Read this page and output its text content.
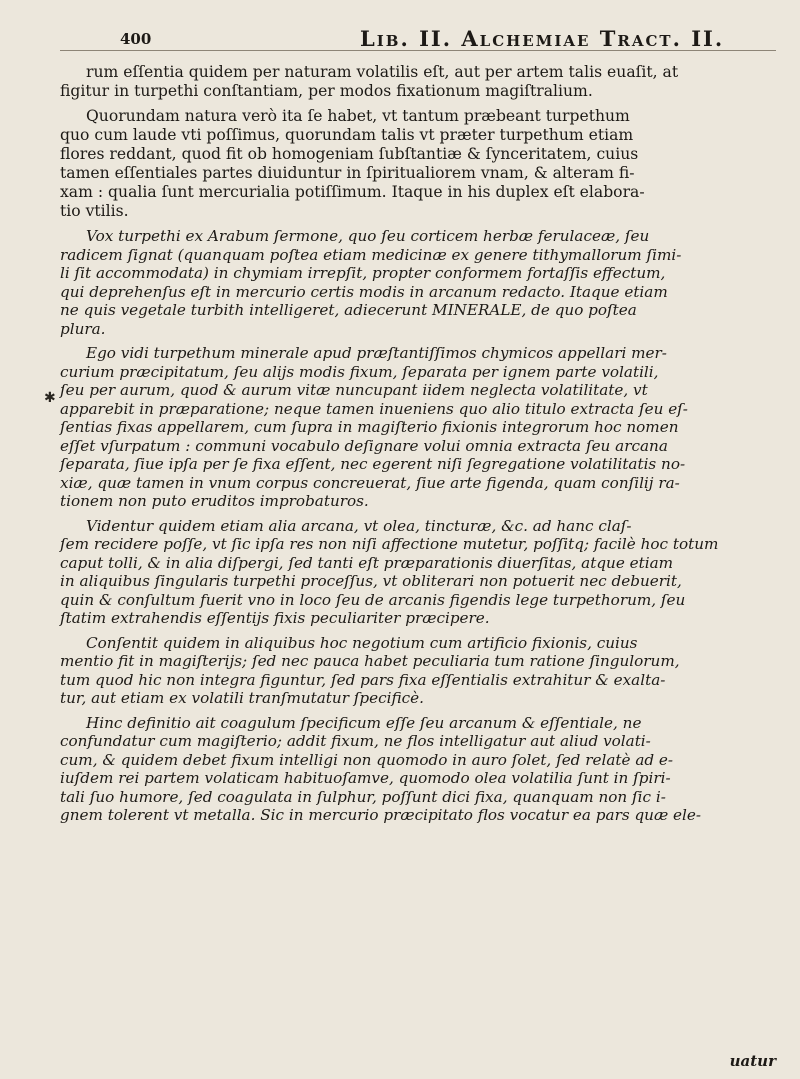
400	Lib. II. Alchemiae Tract. II.

rum eſſentia quidem per naturam volatilis eſt, aut per artem talis euaſit, at
figitur in turpethi conſtantiam, per modos fixationum magiſtralium.

Quorundam natura verò ita ſe habet, vt tantum præbeant turpethum
quo cum laude vti poſſimus, quorundam talis vt præter turpethum etiam
flores reddant, quod fit ob homogeniam ſubſtantiæ & ſynceritatem, cuius
tamen eſſentiales partes diuiduntur in ſpiritualiorem vnam, & alteram fi-
xam : qualia ſunt mercurialia potiſſimum. Itaque in his duplex eſt elabora-
tio vtilis.

Vox turpethi ex Arabum ſermone, quo ſeu corticem herbæ ferulaceæ, ſeu
radicem ſignat (quanquam poſtea etiam medicinæ ex genere tithymallorum ſimi-
li ſit accommodata) in chymiam irrepſit, propter conformem fortaſſis effectum,
qui deprehenſus eſt in mercurio certis modis in arcanum redacto. Itaque etiam
ne quis vegetale turbith intelligeret, adiecerunt MINERALE, de quo poſtea
plura.

Ego vidi turpethum minerale apud præſtantiſſimos chymicos appellari mer-
curium præcipitatum, ſeu alijs modis fixum, ſeparata per ignem parte volatili,
ſeu per aurum, quod & aurum vitæ nuncupant iidem neglecta volatilitate, vt
apparebit in præparatione; neque tamen inueniens quo alio titulo extracta ſeu eſ-
ſentias fixas appellarem, cum ſupra in magiſterio fixionis integrorum hoc nomen
eſſet vſurpatum : communi vocabulo deſignare volui omnia extracta ſeu arcana
ſeparata, ſiue ipſa per ſe fixa eſſent, nec egerent niſi ſegregatione volatilitatis no-
xiæ, quæ tamen in vnum corpus concreuerat, ſiue arte figenda, quam conſilij ra-
tionem non puto eruditos improbaturos.

Videntur quidem etiam alia arcana, vt olea, tincturæ, &c. ad hanc claſ-
ſem recidere poſſe, vt ſic ipſa res non niſi affectione mutetur, poſſitq; facilè hoc totum
caput tolli, & in alia diſpergi, ſed tanti eſt præparationis diuerſitas, atque etiam
in aliquibus ſingularis turpethi proceſſus, vt obliterari non potuerit nec debuerit,
quin & conſultum fuerit vno in loco ſeu de arcanis figendis lege turpethorum, ſeu
ſtatim extrahendis eſſentijs fixis peculiariter præcipere.

Conſentit quidem in aliquibus hoc negotium cum artificio fixionis, cuius
mentio fit in magiſterijs; ſed nec pauca habet peculiaria tum ratione ſingulorum,
tum quod hic non integra figuntur, ſed pars fixa eſſentialis extrahitur & exalta-
tur, aut etiam ex volatili tranſmutatur ſpecificè.

Hinc definitio ait coagulum ſpecificum eſſe ſeu arcanum & eſſentiale, ne
confundatur cum magiſterio; addit fixum, ne flos intelligatur aut aliud volati-
cum, & quidem debet fixum intelligi non quomodo in auro ſolet, ſed relatè ad e-
iuſdem rei partem volaticam habituoſamve, quomodo olea volatilia ſunt in ſpiri-
tali ſuo humore, ſed coagulata in ſulphur, poſſunt dici fixa, quanquam non ſic i-
gnem tolerent vt metalla. Sic in mercurio præcipitato flos vocatur ea pars quæ ele-

✱
uatur
